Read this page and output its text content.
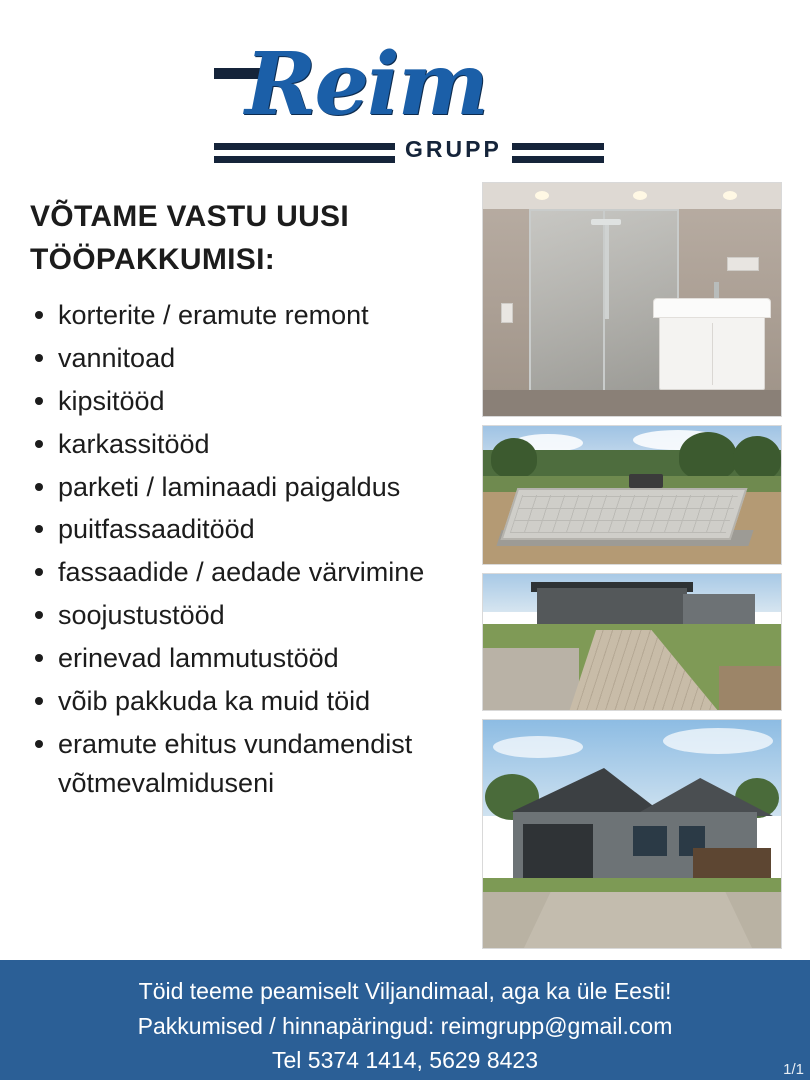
Reim
GRUPP
VÕTAME VASTU UUSI TÖÖPAKKUMISI:
korterite / eramute remont
vannitoad
kipsitööd
karkassitööd
parketi / laminaadi paigaldus
puitfassaaditööd
fassaadide / aedade värvimine
soojustustööd
erinevad lammutustööd
võib pakkuda ka muid töid
eramute ehitus vundamendist võtmevalmiduseni
Töid teeme peamiselt Viljandimaal, aga ka üle Eesti!
Pakkumised / hinnapäringud: reimgrupp@gmail.com
Tel 5374 1414, 5629 8423	1/1
